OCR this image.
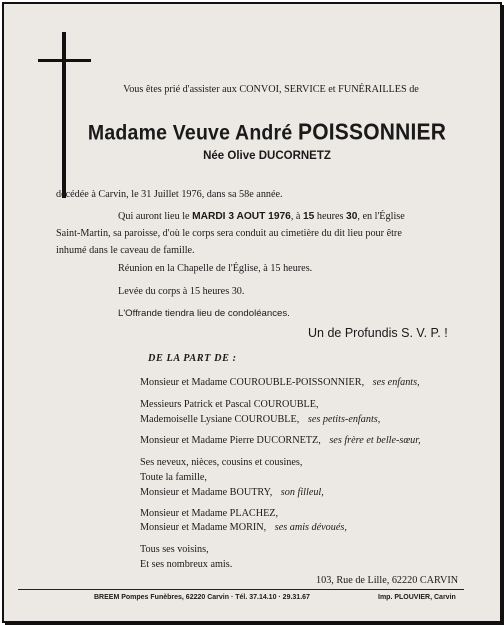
Vous êtes prié d'assister aux CONVOI, SERVICE et FUNÉRAILLES de
Madame Veuve André POISSONNIER
Née Olive DUCORNETZ
décédée à Carvin, le 31 Juillet 1976, dans sa 58e année.
Qui auront lieu le MARDI 3 AOUT 1976, à 15 heures 30, en l'Église
Saint-Martin, sa paroisse, d'où le corps sera conduit au cimetière du dit lieu pour être
inhumé dans le caveau de famille.
Réunion en la Chapelle de l'Église, à 15 heures.
Levée du corps à 15 heures 30.
L'Offrande tiendra lieu de condoléances.
Un de Profundis S. V. P. !
DE LA PART DE :
Monsieur et Madame COUROUBLE-POISSONNIER, ses enfants,
Messieurs Patrick et Pascal COUROUBLE,
Mademoiselle Lysiane COUROUBLE, ses petits-enfants,
Monsieur et Madame Pierre DUCORNETZ, ses frère et belle-sœur,
Ses neveux, nièces, cousins et cousines,
Toute la famille,
Monsieur et Madame BOUTRY, son filleul,
Monsieur et Madame PLACHEZ,
Monsieur et Madame MORIN, ses amis dévoués,
Tous ses voisins,
Et ses nombreux amis.
103, Rue de Lille, 62220 CARVIN
BREEM Pompes Funèbres, 62220 Carvin · Tél. 37.14.10 · 29.31.67	Imp. PLOUVIER, Carvin
